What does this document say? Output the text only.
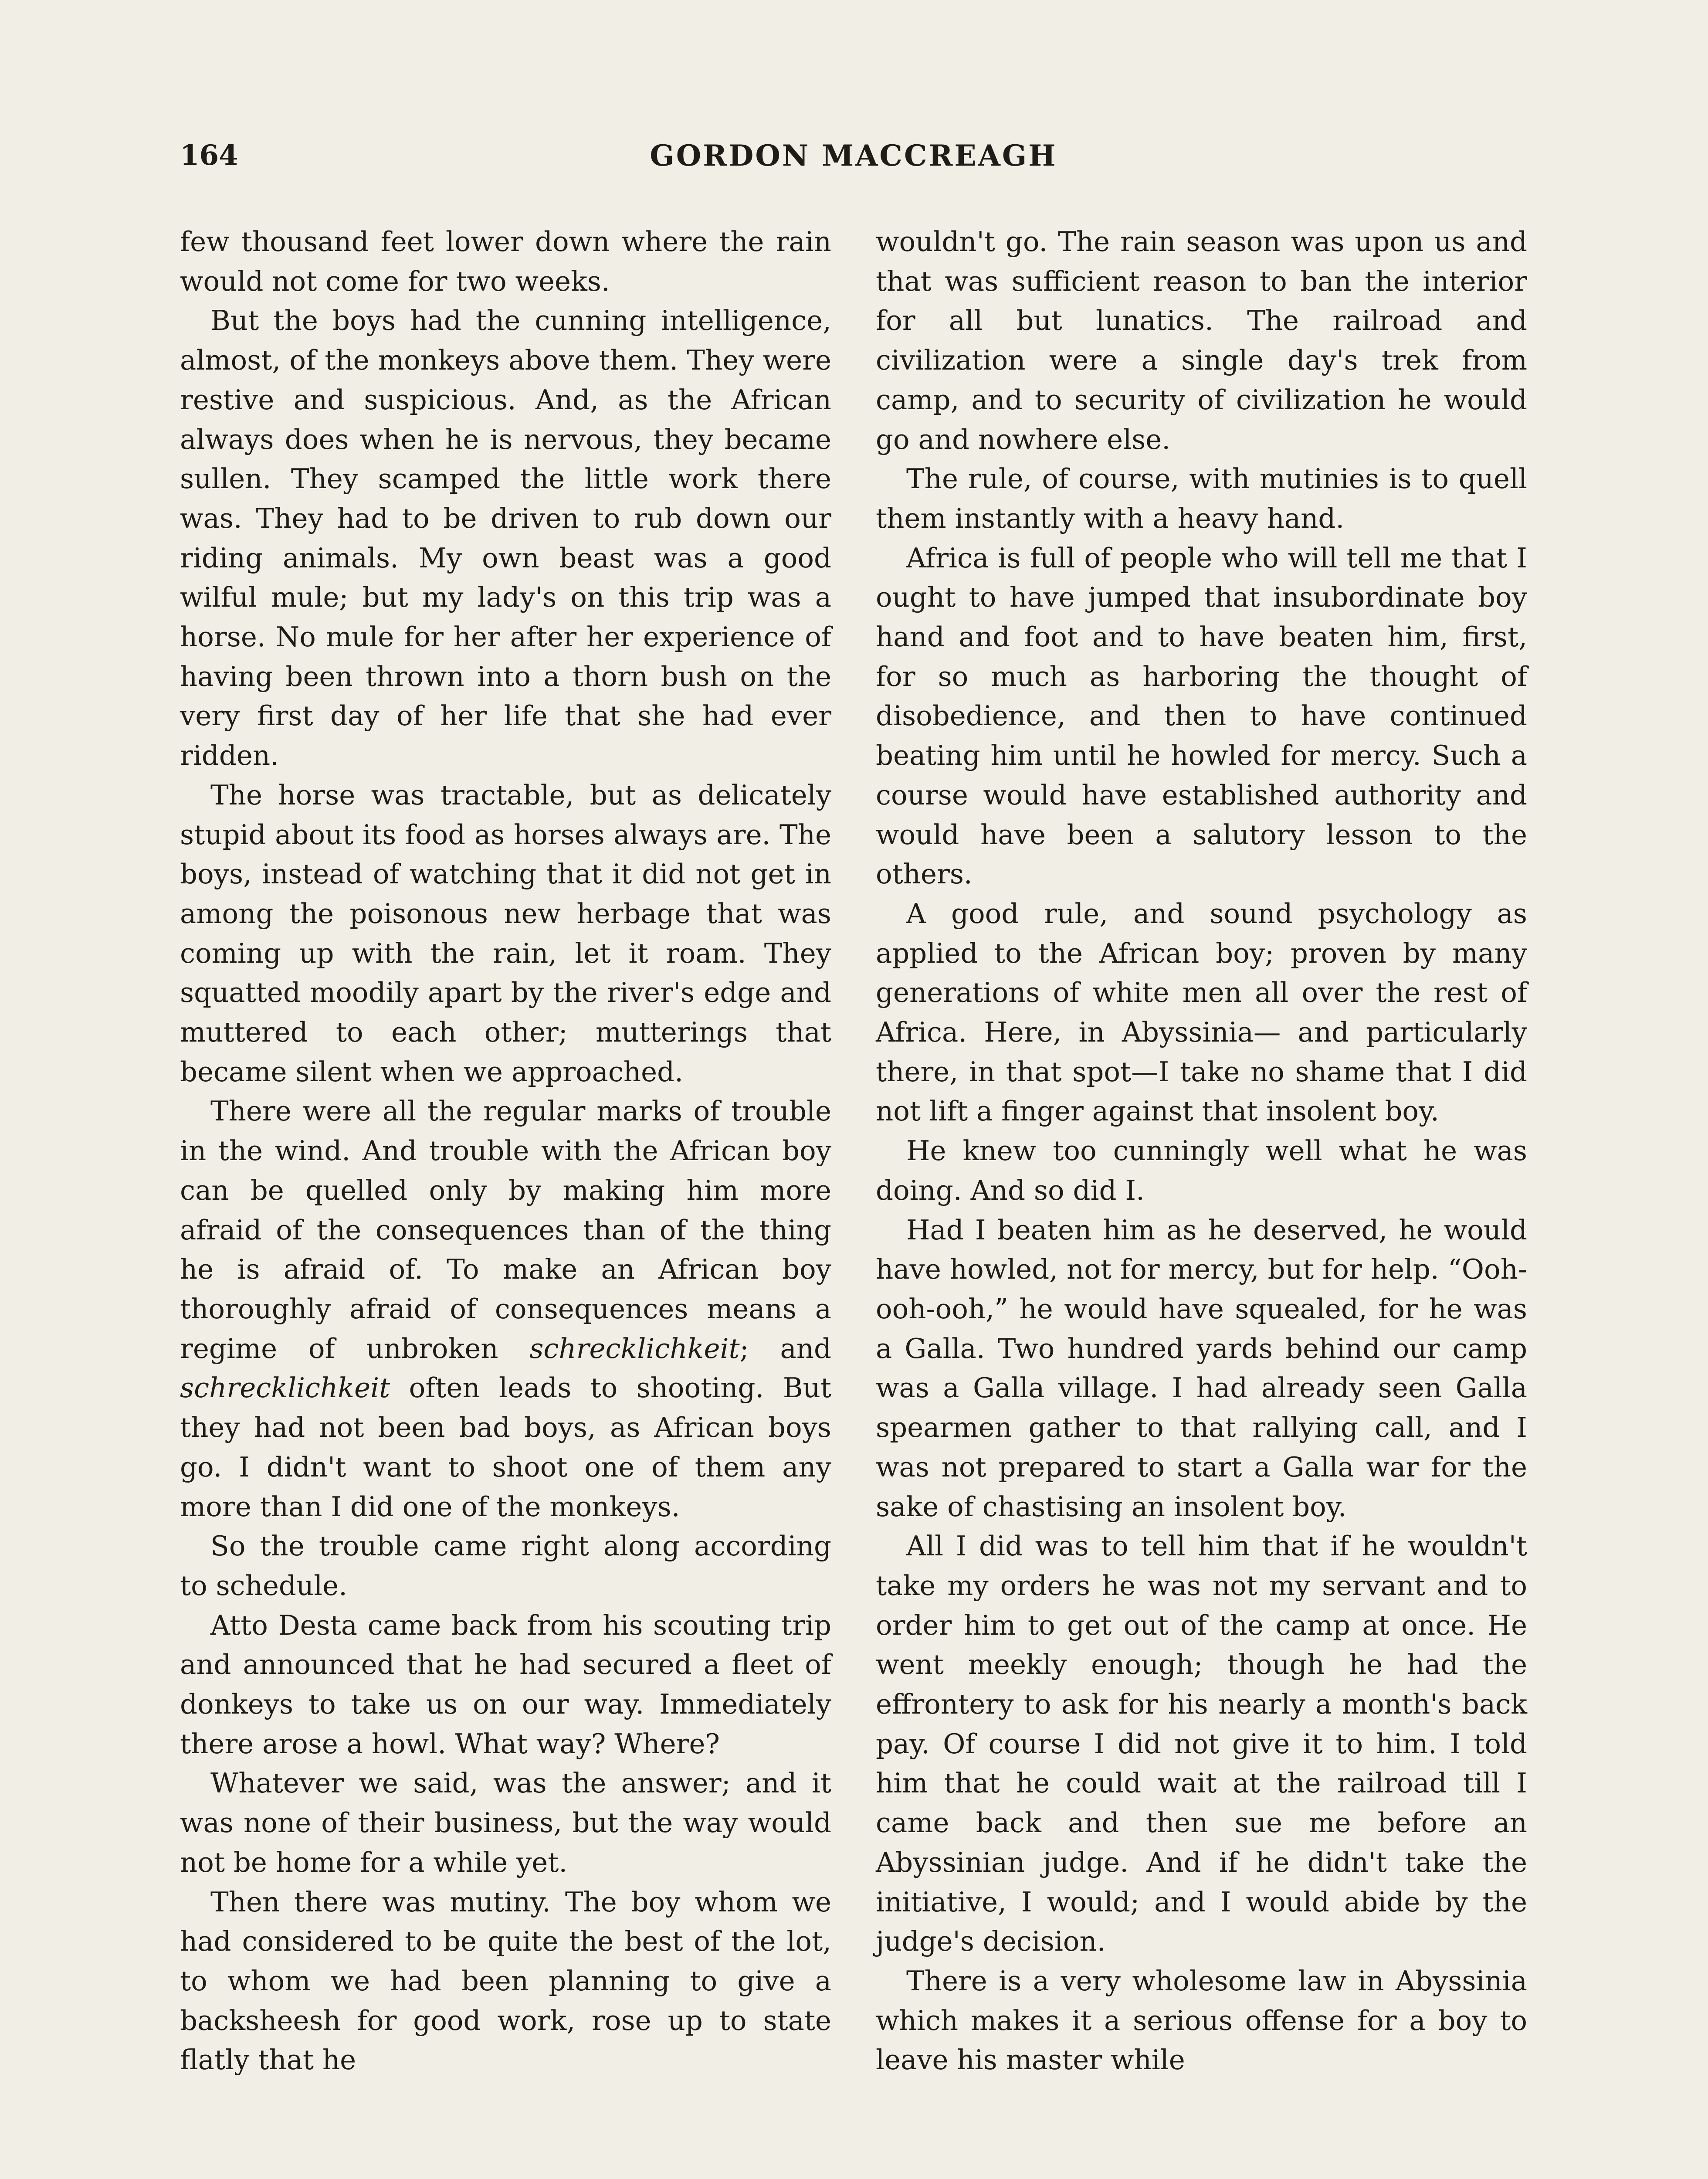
164	GORDON MACCREAGH

few thousand feet lower down where the rain would not come for two weeks.

But the boys had the cunning intelligence, almost, of the monkeys above them. They were restive and suspicious. And, as the African always does when he is nervous, they became sullen. They scamped the little work there was. They had to be driven to rub down our riding animals. My own beast was a good wilful mule; but my lady's on this trip was a horse. No mule for her after her experience of having been thrown into a thorn bush on the very first day of her life that she had ever ridden.

The horse was tractable, but as delicately stupid about its food as horses always are. The boys, instead of watching that it did not get in among the poisonous new herbage that was coming up with the rain, let it roam. They squatted moodily apart by the river's edge and muttered to each other; mutterings that became silent when we approached.

There were all the regular marks of trouble in the wind. And trouble with the African boy can be quelled only by making him more afraid of the consequences than of the thing he is afraid of. To make an African boy thoroughly afraid of consequences means a regime of unbroken schrecklichkeit; and schrecklichkeit often leads to shooting. But they had not been bad boys, as African boys go. I didn't want to shoot one of them any more than I did one of the monkeys.

So the trouble came right along according to schedule.

Atto Desta came back from his scouting trip and announced that he had secured a fleet of donkeys to take us on our way. Immediately there arose a howl. What way? Where?

Whatever we said, was the answer; and it was none of their business, but the way would not be home for a while yet.

Then there was mutiny. The boy whom we had considered to be quite the best of the lot, to whom we had been planning to give a backsheesh for good work, rose up to state flatly that he

wouldn't go. The rain season was upon us and that was sufficient reason to ban the interior for all but lunatics. The railroad and civilization were a single day's trek from camp, and to security of civilization he would go and nowhere else.

The rule, of course, with mutinies is to quell them instantly with a heavy hand.

Africa is full of people who will tell me that I ought to have jumped that insubordinate boy hand and foot and to have beaten him, first, for so much as harboring the thought of disobedience, and then to have continued beating him until he howled for mercy. Such a course would have established authority and would have been a salutory lesson to the others.

A good rule, and sound psychology as applied to the African boy; proven by many generations of white men all over the rest of Africa. Here, in Abyssinia— and particularly there, in that spot—I take no shame that I did not lift a finger against that insolent boy.

He knew too cunningly well what he was doing. And so did I.

Had I beaten him as he deserved, he would have howled, not for mercy, but for help. “Ooh-ooh-ooh,” he would have squealed, for he was a Galla. Two hundred yards behind our camp was a Galla village. I had already seen Galla spearmen gather to that rallying call, and I was not prepared to start a Galla war for the sake of chastising an insolent boy.

All I did was to tell him that if he wouldn't take my orders he was not my servant and to order him to get out of the camp at once. He went meekly enough; though he had the effrontery to ask for his nearly a month's back pay. Of course I did not give it to him. I told him that he could wait at the railroad till I came back and then sue me before an Abyssinian judge. And if he didn't take the initiative, I would; and I would abide by the judge's decision.

There is a very wholesome law in Abyssinia which makes it a serious offense for a boy to leave his master while
